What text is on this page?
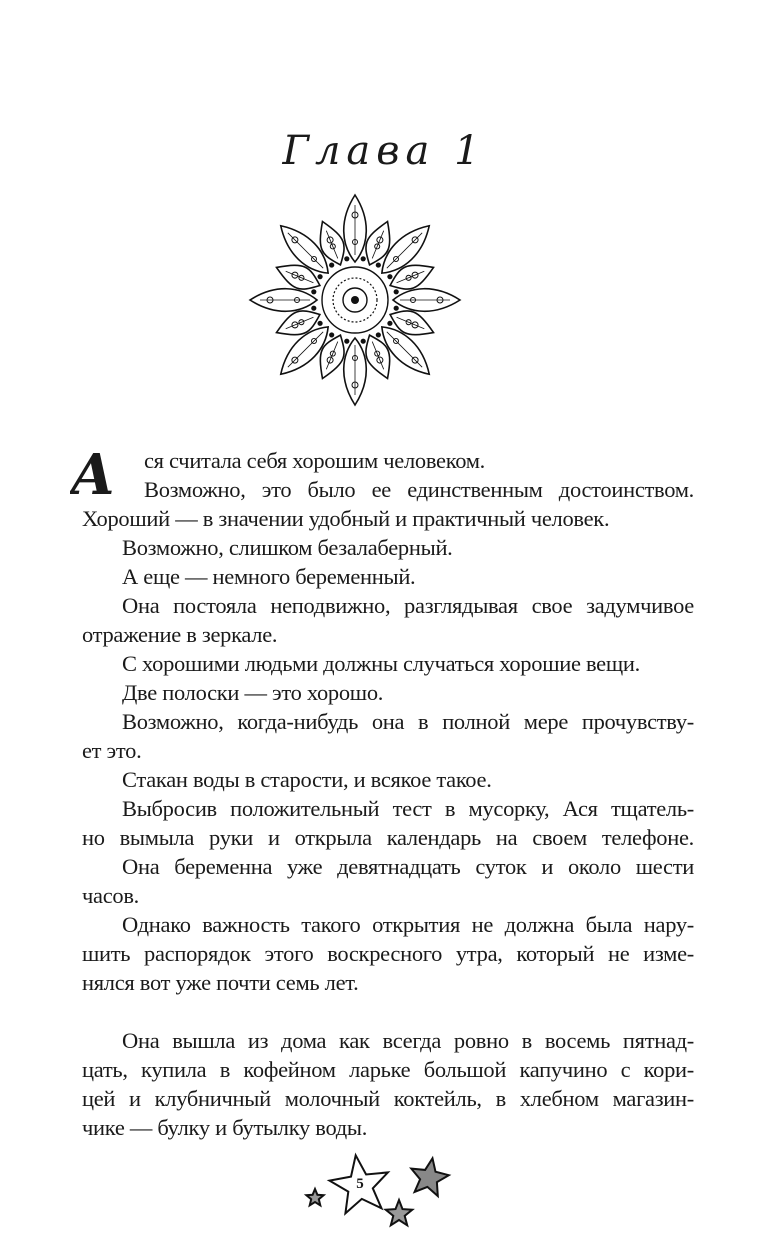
Глава 1
А	ся считала себя хорошим человеком.
Возможно, это было ее единственным достоинством.
Хороший — в значении удобный и практичный человек.
Возможно, слишком безалаберный.
А еще — немного беременный.
Она постояла неподвижно, разглядывая свое задумчивое
отражение в зеркале.
С хорошими людьми должны случаться хорошие вещи.
Две полоски — это хорошо.
Возможно, когда-нибудь она в полной мере прочувству-
ет это.
Стакан воды в старости, и всякое такое.
Выбросив положительный тест в мусорку, Ася тщатель-
но вымыла руки и открыла календарь на своем телефоне.
Она беременна уже девятнадцать суток и около шести
часов.
Однако важность такого открытия не должна была нару-
шить распорядок этого воскресного утра, который не изме-
нялся вот уже почти семь лет.
Она вышла из дома как всегда ровно в восемь пятнад-
цать, купила в кофейном ларьке большой капучино с кори-
цей и клубничный молочный коктейль, в хлебном магазин-
чике — булку и бутылку воды.
5
